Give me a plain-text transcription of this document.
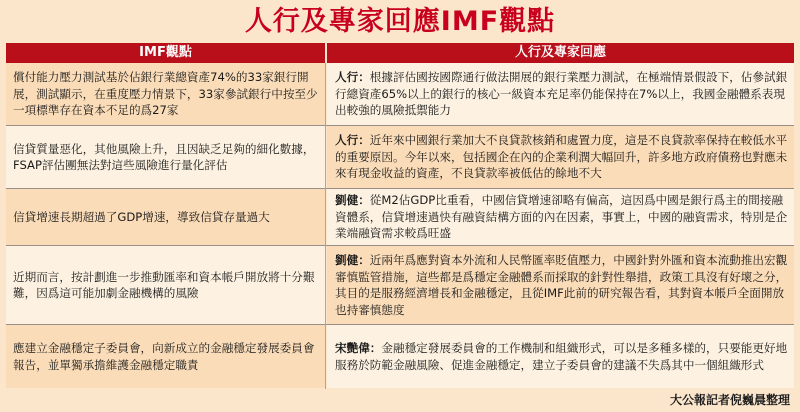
人行及專家回應IMF觀點
IMF觀點	人行及專家回應
償付能力壓力測試基於佔銀行業總資產74%的33家銀行開展，測試顯示，在重度壓力情景下，33家參試銀行中按至少一項標準存在資本不足的爲27家
人行：根據評估國按國際通行做法開展的銀行業壓力測試，在極端情景假設下，佔參試銀行總資產65%以上的銀行的核心一級資本充足率仍能保持在7%以上，我國金融體系表現出較強的風險抵禦能力
信貸質量惡化，其他風險上升，且因缺乏足夠的細化數據，FSAP評估團無法對這些風險進行量化評估
人行：近年來中國銀行業加大不良貸款核銷和處置力度，這是不良貸款率保持在較低水平的重要原因。今年以來，包括國企在內的企業利潤大幅回升，許多地方政府債務也對應未來有現金收益的資產，不良貸款率被低估的餘地不大
信貸增速長期超過了GDP增速，導致信貸存量過大
劉健：從M2佔GDP比重看，中國信貸增速卻略有偏高，這因爲中國是銀行爲主的間接融資體系，信貸增速過快有融資結構方面的內在因素，事實上，中國的融資需求，特別是企業端融資需求較爲旺盛
近期而言，按計劃進一步推動匯率和資本帳戶開放將十分艱難，因爲這可能加劇金融機構的風險
劉健：近兩年爲應對資本外流和人民幣匯率貶值壓力，中國針對外匯和資本流動推出宏觀審慎監管措施，這些都是爲穩定金融體系而採取的針對性舉措，政策工具沒有好壞之分，其目的是服務經濟增長和金融穩定，且從IMF此前的研究報告看，其對資本帳戶全面開放也持審慎態度
應建立金融穩定子委員會，向新成立的金融穩定發展委員會報告，並單獨承擔維護金融穩定職責
宋艷偉：金融穩定發展委員會的工作機制和組織形式，可以是多種多樣的，只要能更好地服務於防範金融風險、促進金融穩定，建立子委員會的建議不失爲其中一個組織形式
大公報記者倪巍晨整理
